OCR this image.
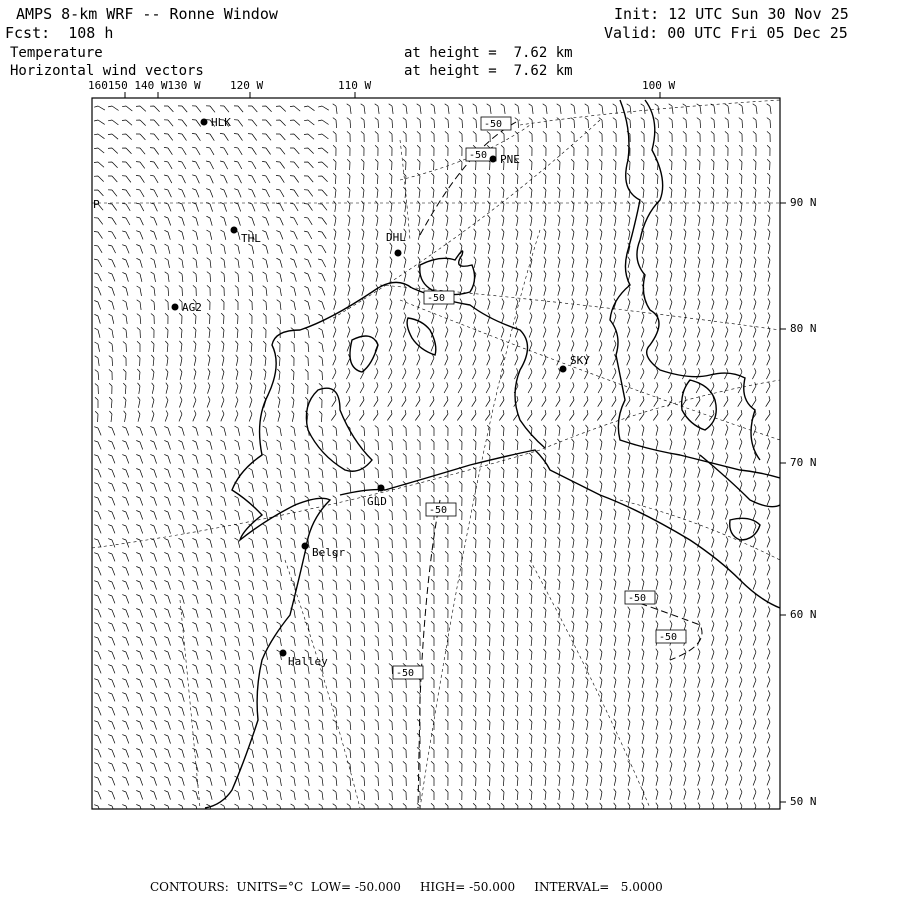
AMPS 8-km WRF -- Ronne Window	Init: 12 UTC Sun 30 Nov 25
Fcst:  108 h	Valid: 00 UTC Fri 05 Dec 25
Temperature	at height =  7.62 km
Horizontal wind vectors	at height =  7.62 km
160150 140 W130 W	120 W	110 W	100 W
90 N
80 N
70 N
60 N
50 N
-50
-50
-50
-50
-50
-50
-50
HLK
PNE
THL	DHL
AG2
SKY
GLD
Belgr
Halley
P
CONTOURS:  UNITS=°C  LOW= -50.000     HIGH= -50.000     INTERVAL=   5.0000
